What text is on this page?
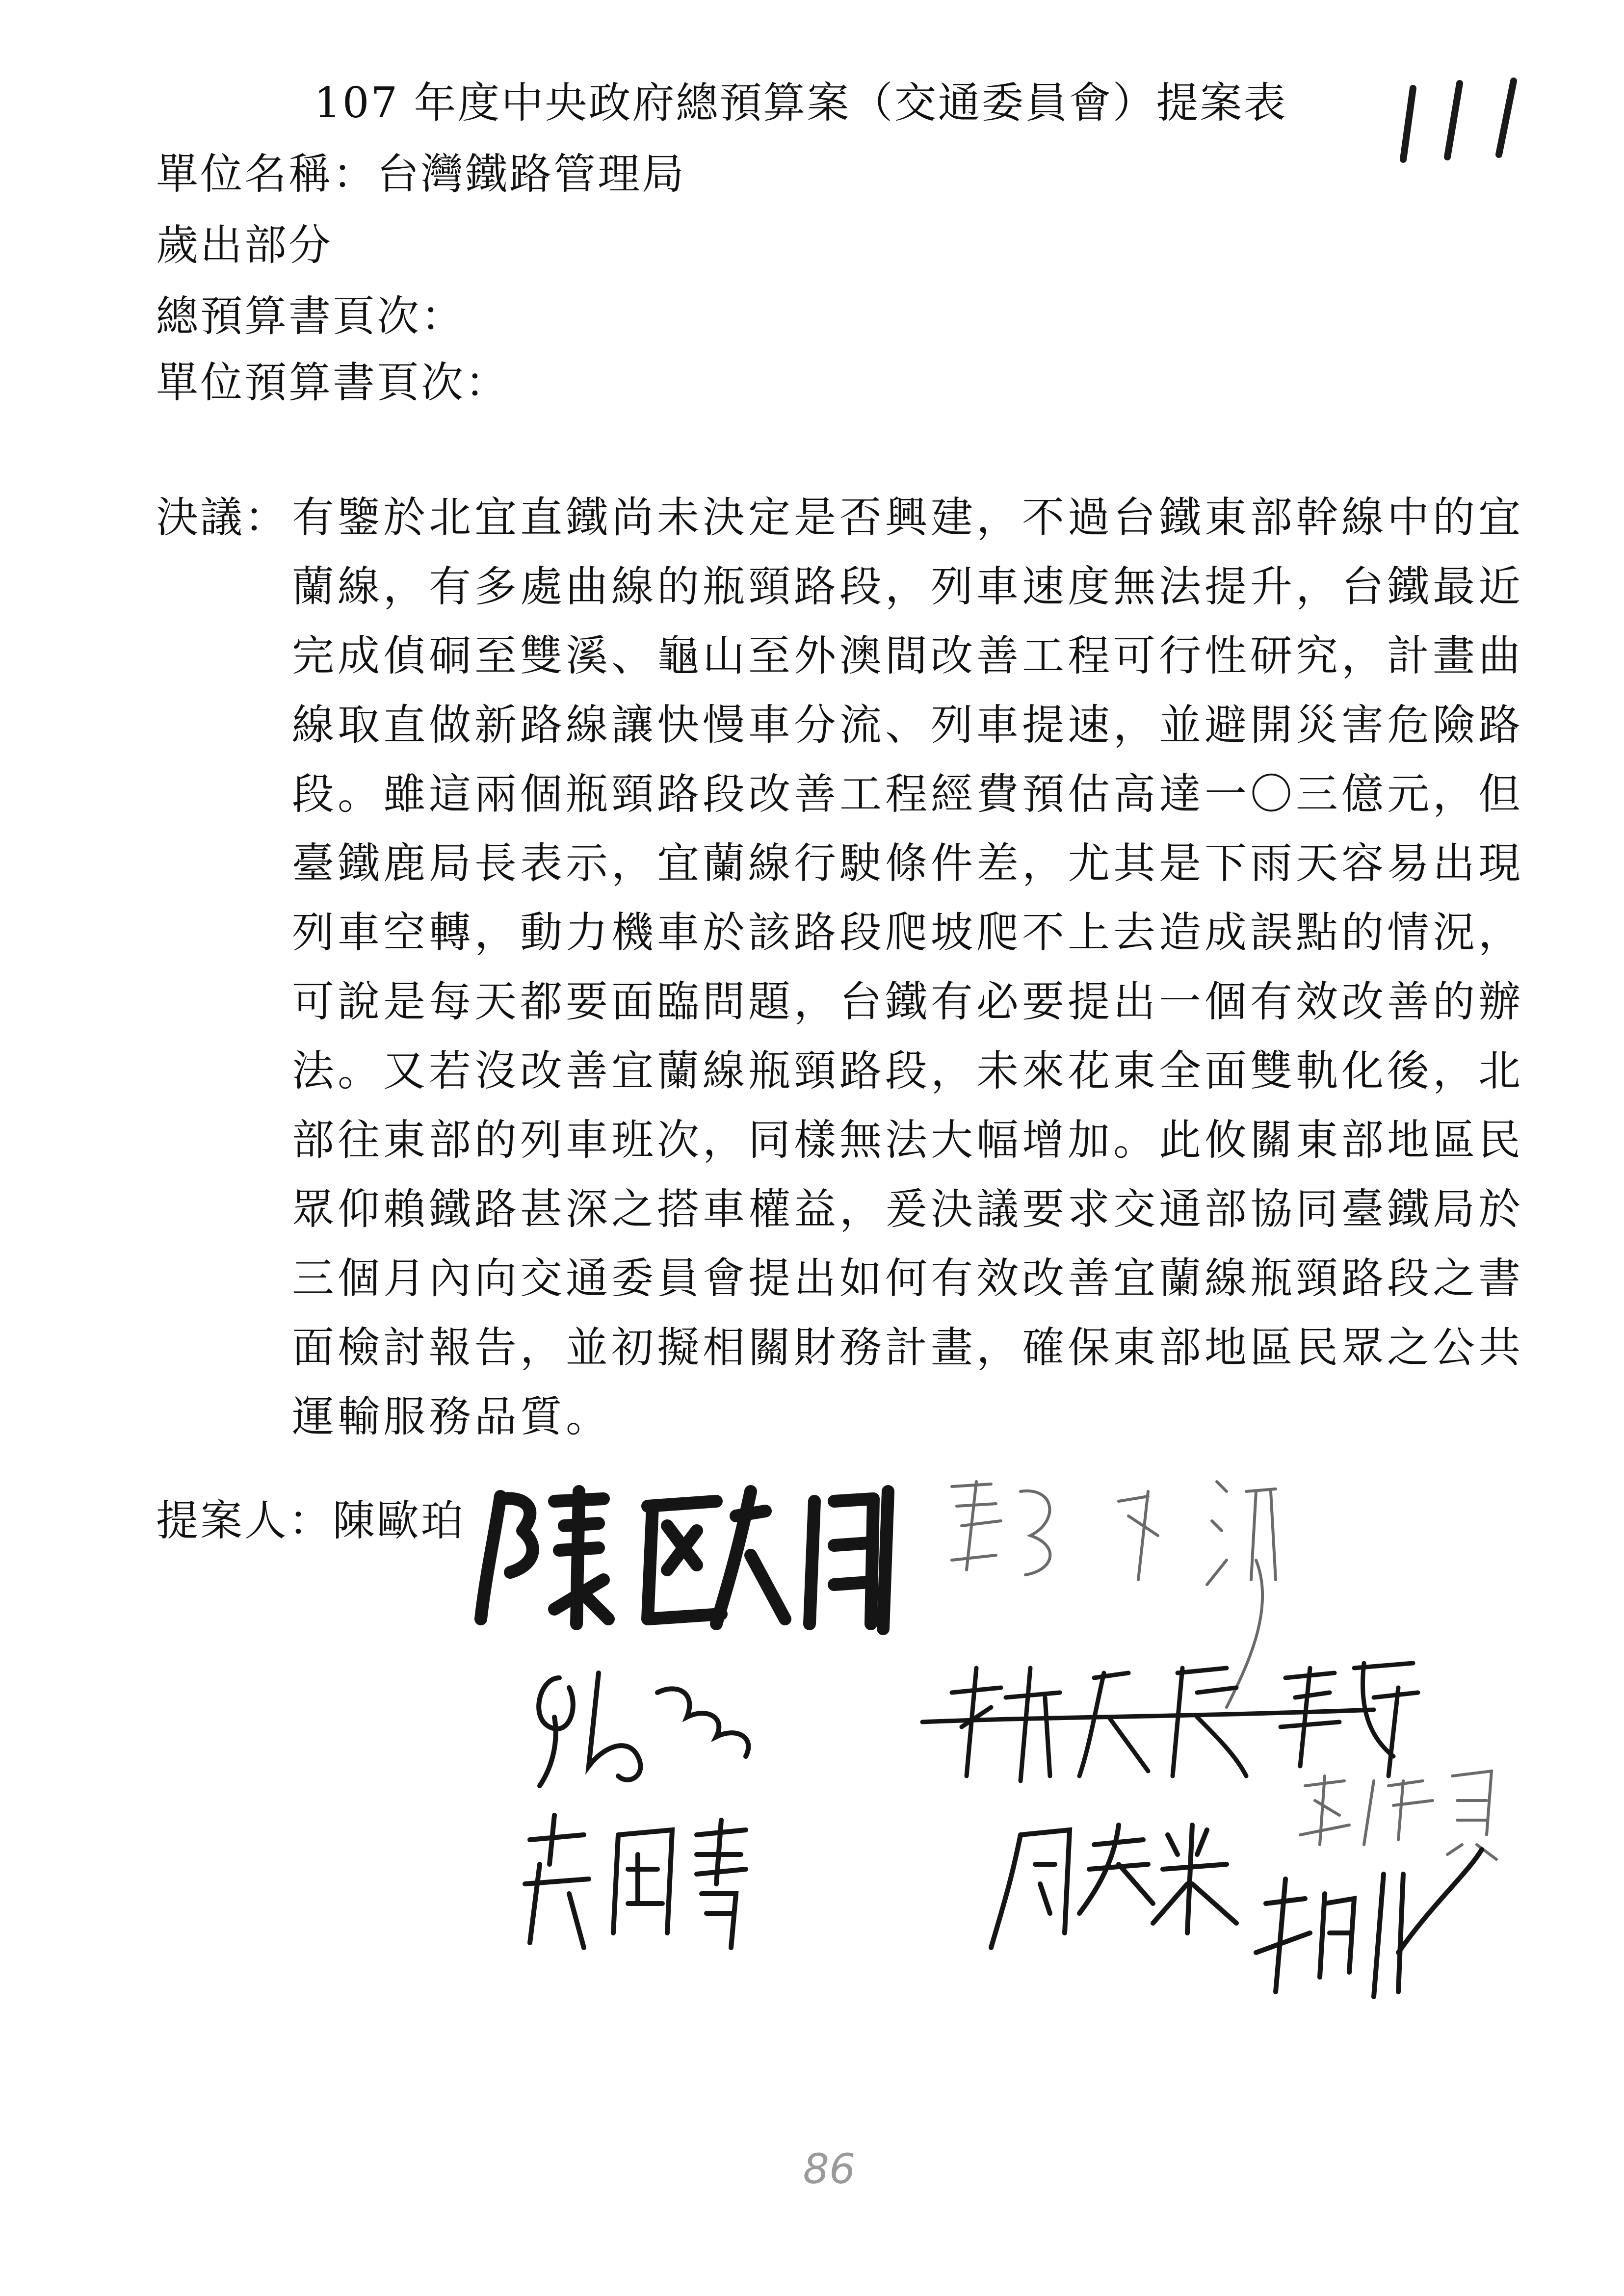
107 年度中央政府總預算案（交通委員會）提案表
單位名稱：台灣鐵路管理局
歲出部分
總預算書頁次：
單位預算書頁次：
決議： 有鑒於北宜直鐵尚未決定是否興建，不過台鐵東部幹線中的宜
蘭線，有多處曲線的瓶頸路段，列車速度無法提升，台鐵最近
完成偵硐至雙溪、龜山至外澳間改善工程可行性研究，計畫曲
線取直做新路線讓快慢車分流、列車提速，並避開災害危險路
段。雖這兩個瓶頸路段改善工程經費預估高達一〇三億元，但
臺鐵鹿局長表示，宜蘭線行駛條件差，尤其是下雨天容易出現
列車空轉，動力機車於該路段爬坡爬不上去造成誤點的情況，
可說是每天都要面臨問題，台鐵有必要提出一個有效改善的辦
法。又若沒改善宜蘭線瓶頸路段，未來花東全面雙軌化後，北
部往東部的列車班次，同樣無法大幅增加。此攸關東部地區民
眾仰賴鐵路甚深之搭車權益，爰決議要求交通部協同臺鐵局於
三個月內向交通委員會提出如何有效改善宜蘭線瓶頸路段之書
面檢討報告，並初擬相關財務計畫，確保東部地區民眾之公共
運輸服務品質。
提案人：陳歐珀
86
